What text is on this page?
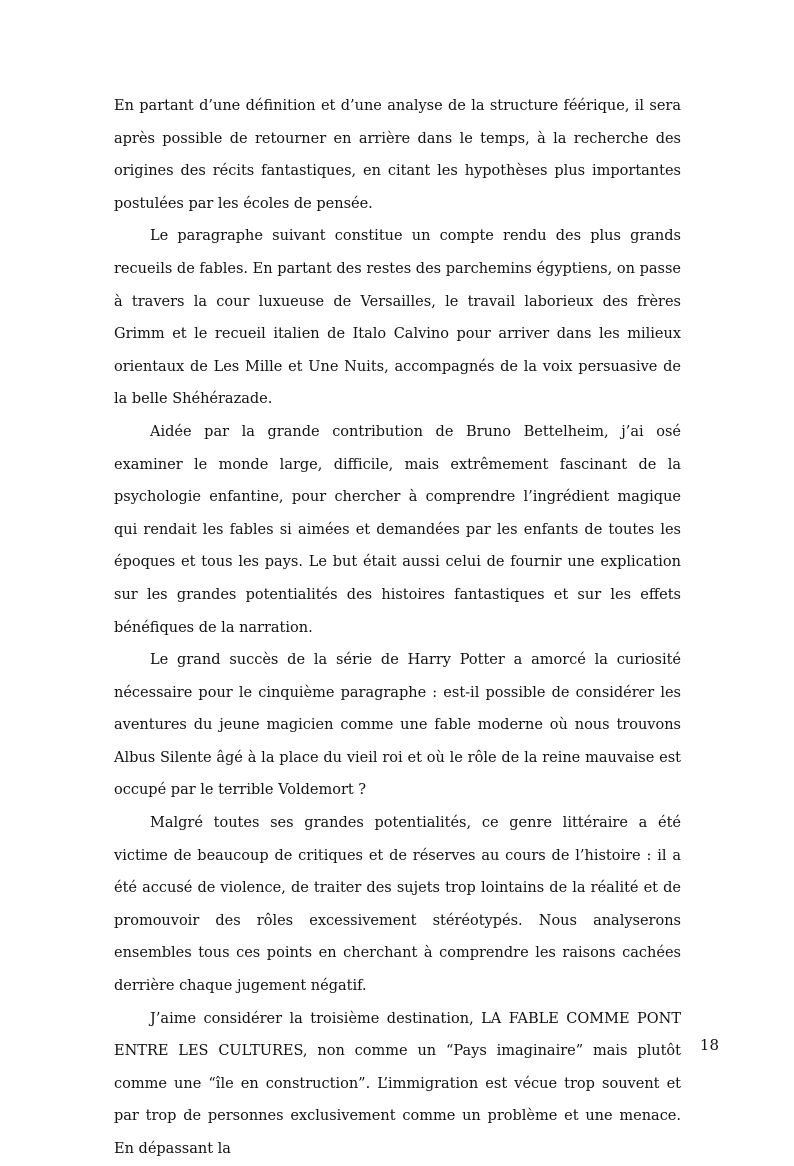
En partant d’une définition et d’une analyse de la structure féérique, il sera après possible de retourner en arrière dans le temps, à la recherche des origines des récits fantastiques, en citant les hypothèses plus importantes postulées par les écoles de pensée.

Le paragraphe suivant constitue un compte rendu des plus grands recueils de fables. En partant des restes des parchemins égyptiens, on passe à travers la cour luxueuse de Versailles, le travail laborieux des frères Grimm et le recueil italien de Italo Calvino pour arriver dans les milieux orientaux de Les Mille et Une Nuits, accompagnés de la voix persuasive de la belle Shéhérazade.

Aidée par la grande contribution de Bruno Bettelheim, j’ai osé examiner le monde large, difficile, mais extrêmement fascinant de la psychologie enfantine, pour chercher à comprendre l’ingrédient magique qui rendait les fables si aimées et demandées par les enfants de toutes les époques et tous les pays. Le but était aussi celui de fournir une explication sur les grandes potentialités des histoires fantastiques et sur les effets bénéfiques de la narration.

Le grand succès de la série de Harry Potter a amorcé la curiosité nécessaire pour le cinquième paragraphe : est-il possible de considérer les aventures du jeune magicien comme une fable moderne où nous trouvons Albus Silente âgé à la place du vieil roi et où le rôle de la reine mauvaise est occupé par le terrible Voldemort ?

Malgré toutes ses grandes potentialités, ce genre littéraire a été victime de beaucoup de critiques et de réserves au cours de l’histoire : il a été accusé de violence, de traiter des sujets trop lointains de la réalité et de promouvoir des rôles excessivement stéréotypés. Nous analyserons ensembles tous ces points en cherchant à comprendre les raisons cachées derrière chaque jugement négatif.

J’aime considérer la troisième destination, LA FABLE COMME PONT ENTRE LES CULTURES, non comme un “Pays imaginaire” mais plutôt comme une “île en construction”. L’immigration est vécue trop souvent et par trop de personnes exclusivement comme un problème et une menace. En dépassant la

18
